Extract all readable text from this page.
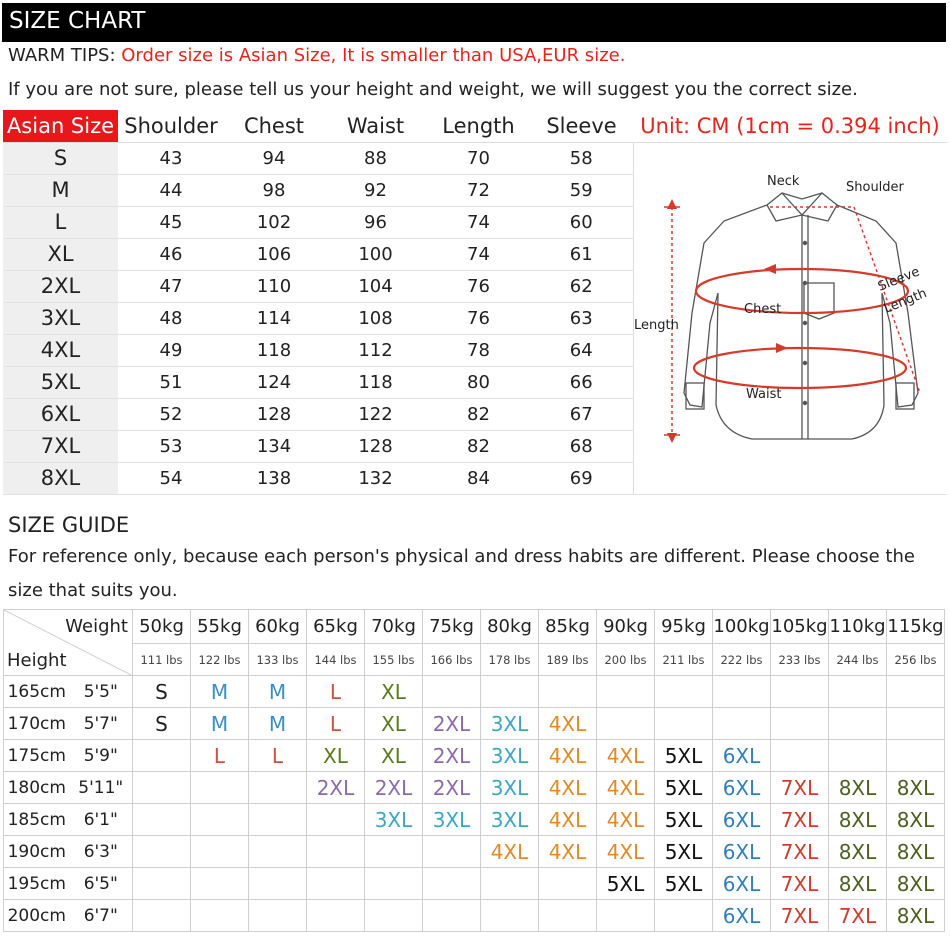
SIZE CHART
WARM TIPS: Order size is Asian Size, It is smaller than USA,EUR size.
If you are not sure, please tell us your height and weight, we will suggest you the correct size.
Asian Size	Shoulder	Chest	Waist	Length	Sleeve	Unit: CM (1cm = 0.394 inch)
S	43	94	88	70	58	
M	44	98	92	72	59	
L	45	102	96	74	60	
XL	46	106	100	74	61	
2XL	47	110	104	76	62	
3XL	48	114	108	76	63	
4XL	49	118	112	78	64	
5XL	51	124	118	80	66	
6XL	52	128	122	82	67	
7XL	53	134	128	82	68	
8XL	54	138	132	84	69	
Neck	Shoulder
Chest
Waist
Length
Sleeve
Length
SIZE GUIDE
For reference only, because each person's physical and dress habits are different. Please choose the
size that suits you.
Weight
Height		50kg	55kg	60kg	65kg	70kg	75kg	80kg	85kg	90kg	95kg	100kg	105kg	110kg	115kg
		111 lbs	122 lbs	133 lbs	144 lbs	155 lbs	166 lbs	178 lbs	189 lbs	200 lbs	211 lbs	222 lbs	233 lbs	244 lbs	256 lbs
165cm	5'5"	S	M	M	L	XL									
170cm	5'7"	S	M	M	L	XL	2XL	3XL	4XL						
175cm	5'9"		L	L	XL	XL	2XL	3XL	4XL	4XL	5XL	6XL			
180cm	5'11"				2XL	2XL	2XL	3XL	4XL	4XL	5XL	6XL	7XL	8XL	8XL
185cm	6'1"					3XL	3XL	3XL	4XL	4XL	5XL	6XL	7XL	8XL	8XL
190cm	6'3"							4XL	4XL	4XL	5XL	6XL	7XL	8XL	8XL
195cm	6'5"									5XL	5XL	6XL	7XL	8XL	8XL
200cm	6'7"											6XL	7XL	7XL	8XL
